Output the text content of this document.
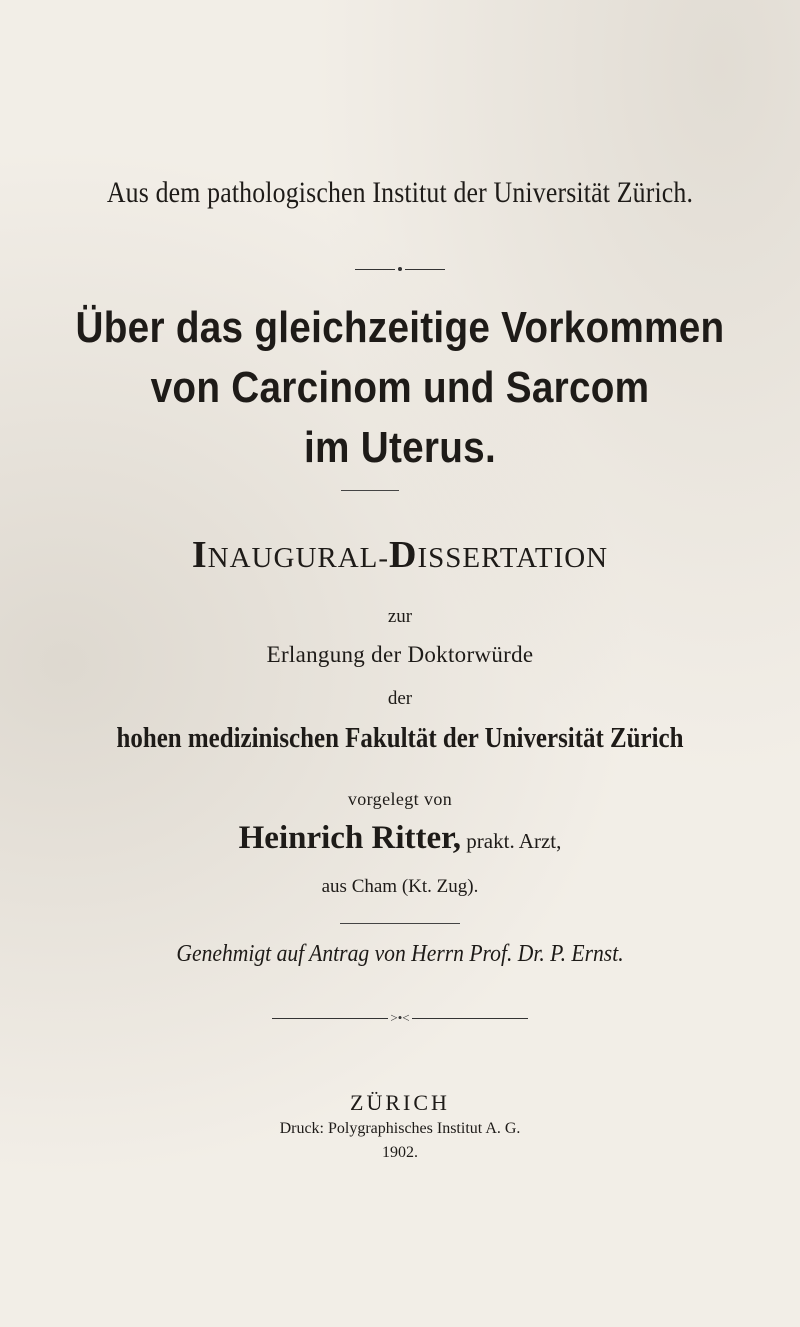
Aus dem pathologischen Institut der Universität Zürich.
Über das gleichzeitige Vorkommen
von Carcinom und Sarcom
im Uterus.
INAUGURAL-DISSERTATION
zur
Erlangung der Doktorwürde
der
hohen medizinischen Fakultät der Universität Zürich
vorgelegt von
Heinrich Ritter, prakt. Arzt,
aus Cham (Kt. Zug).
Genehmigt auf Antrag von Herrn Prof. Dr. P. Ernst.
>•<
ZÜRICH
Druck: Polygraphisches Institut A. G.
1902.
